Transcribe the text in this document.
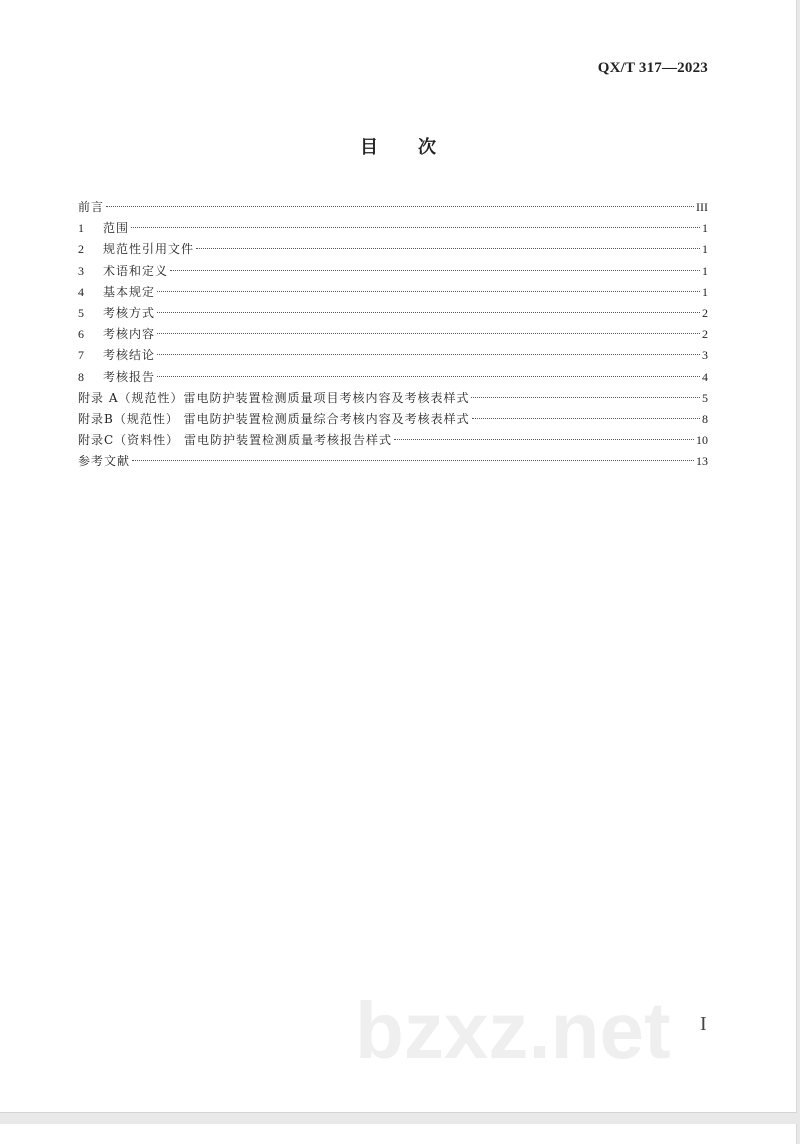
QX/T 317—2023
目 次
前言	III
1	范围	1
2	规范性引用文件	1
3	术语和定义	1
4	基本规定	1
5	考核方式	2
6	考核内容	2
7	考核结论	3
8	考核报告	4
附录 A（规范性）雷电防护装置检测质量项目考核内容及考核表样式	5
附录B（规范性） 雷电防护装置检测质量综合考核内容及考核表样式	8
附录C（资料性） 雷电防护装置检测质量考核报告样式	10
参考文献	13
bzxz.net I
